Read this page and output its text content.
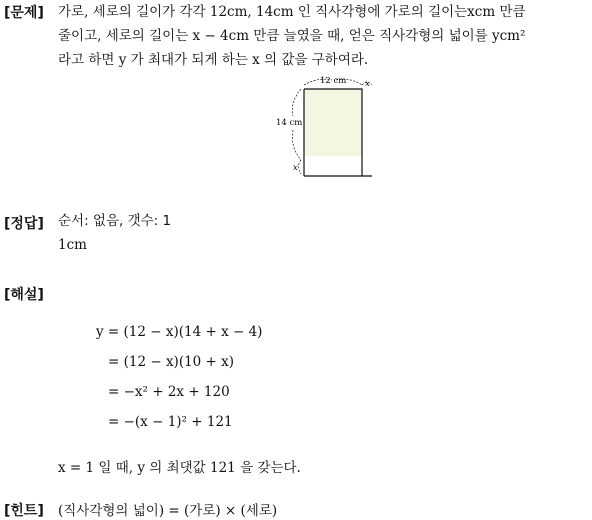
[문제] 가로, 세로의 길이가 각각 12cm, 14cm 인 직사각형에 가로의 길이는xcm 만큼
줄이고, 세로의 길이는 x − 4cm 만큼 늘였을 때, 얻은 직사각형의 넓이를 ycm²
라고 하면 y 가 최대가 되게 하는 x 의 값을 구하여라.
12 cm x
14 cm
x
[정답] 순서: 없음, 갯수: 1
1cm
[해설]
y = (12 − x)(14 + x − 4)
= (12 − x)(10 + x)
= −x² + 2x + 120
= −(x − 1)² + 121
x = 1 일 때, y 의 최댓값 121 을 갖는다.
[힌트] (직사각형의 넓이) = (가로) × (세로)
